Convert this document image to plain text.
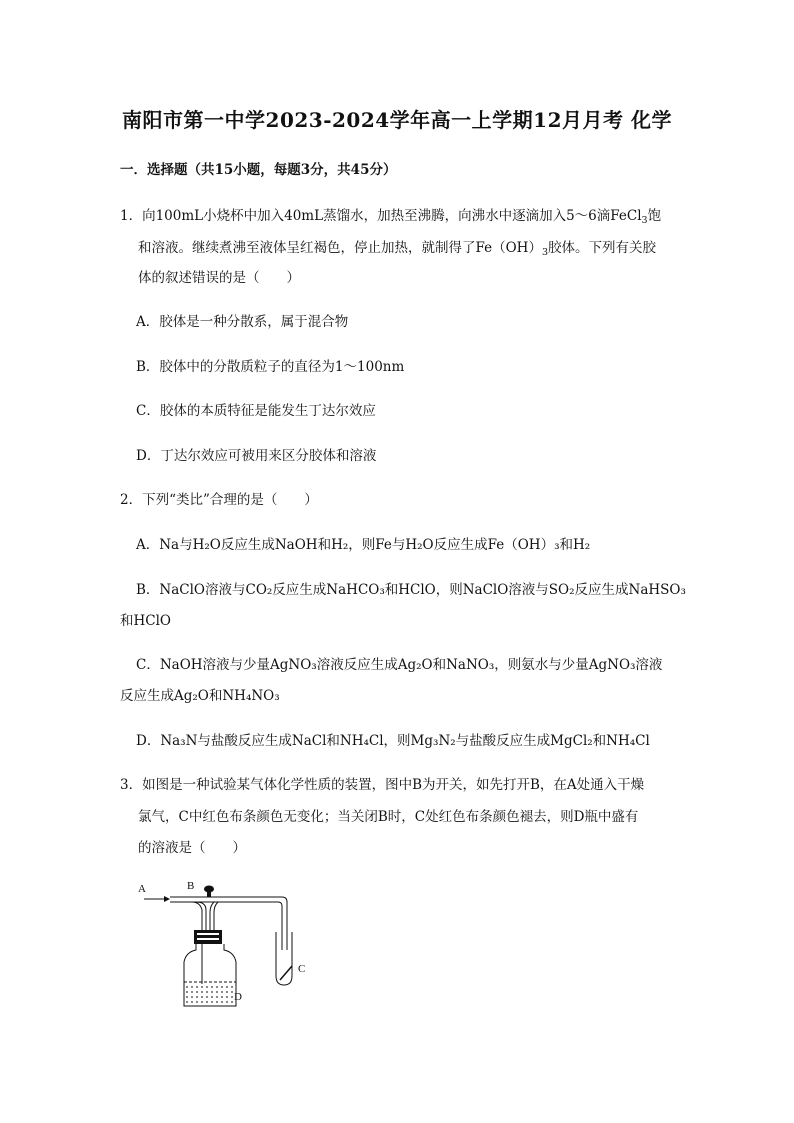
南阳市第一中学2023-2024学年高一上学期12月月考 化学
一．选择题（共15小题，每题3分，共45分）
1．向100mL小烧杯中加入40mL蒸馏水，加热至沸腾，向沸水中逐滴加入5～6滴FeCl$_3$饱
和溶液。继续煮沸至液体呈红褐色，停止加热，就制得了$Fe(OH)_3$胶体。下列有关胶
体的叙述错误的是（　　）
A．胶体是一种分散系，属于混合物
B．胶体中的分散质粒子的直径为1～100nm
C．胶体的本质特征是能发生丁达尔效应
D．丁达尔效应可被用来区分胶体和溶液
2．下列“类比”合理的是（　　）
A．Na与H₂O反应生成NaOH和H₂，则Fe与H₂O反应生成Fe（OH）₃和H₂
B．NaClO溶液与CO₂反应生成NaHCO₃和HClO，则NaClO溶液与SO₂反应生成NaHSO₃
和HClO
C．NaOH溶液与少量AgNO₃溶液反应生成Ag₂O和NaNO₃，则氨水与少量AgNO₃溶液
反应生成Ag₂O和NH₄NO₃
D．Na₃N与盐酸反应生成NaCl和NH₄Cl，则Mg₃N₂与盐酸反应生成MgCl₂和NH₄Cl
3．如图是一种试验某气体化学性质的装置，图中B为开关，如先打开B，在A处通入干燥
氯气，C中红色布条颜色无变化；当关闭B时，C处红色布条颜色褪去，则D瓶中盛有
的溶液是（　　）
A	B
D
C
